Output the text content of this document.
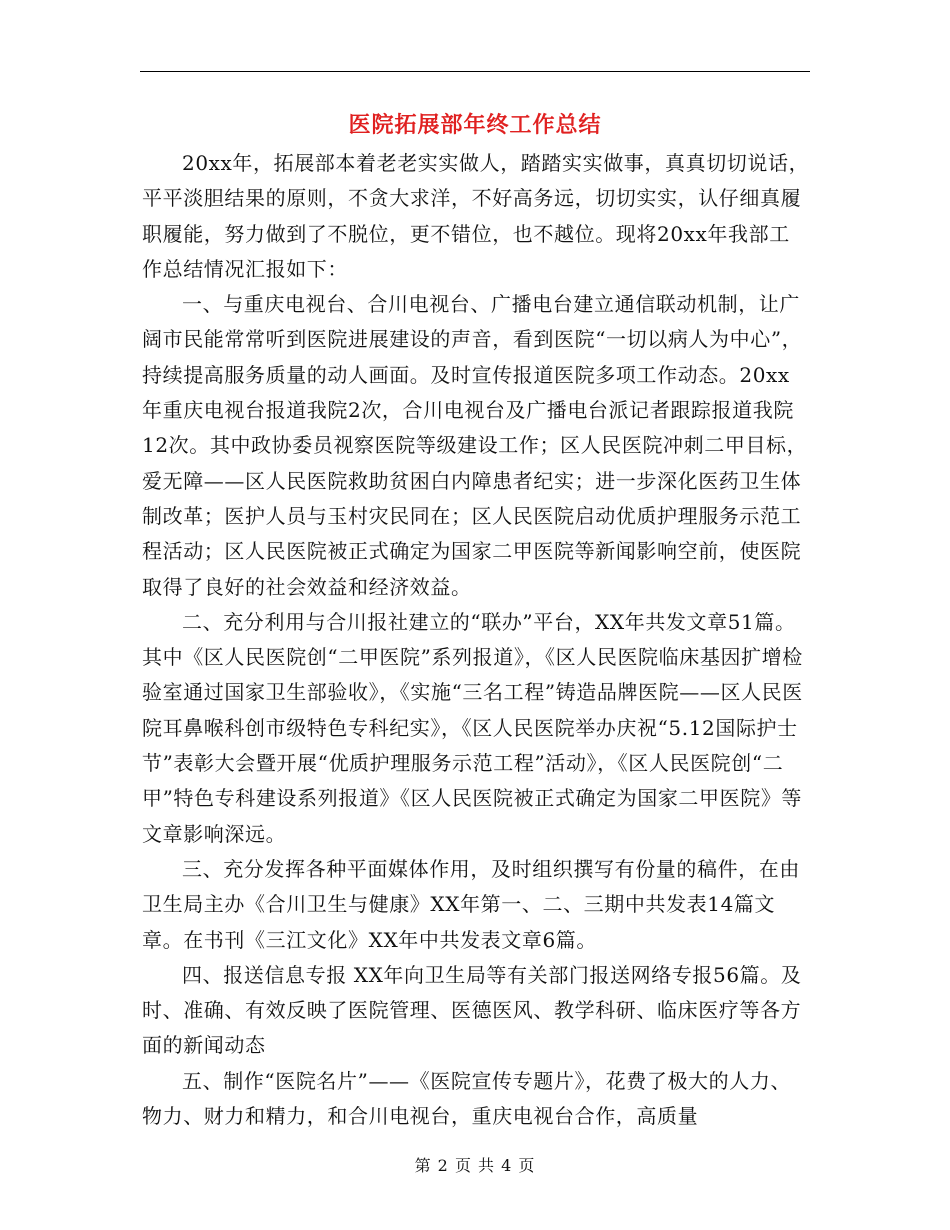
医院拓展部年终工作总结

20xx年，拓展部本着老老实实做人，踏踏实实做事，真真切切说话，平平淡胆结果的原则，不贪大求洋，不好高务远，切切实实，认仔细真履职履能，努力做到了不脱位，更不错位，也不越位。现将20xx年我部工作总结情况汇报如下：

一、与重庆电视台、合川电视台、广播电台建立通信联动机制，让广阔市民能常常听到医院进展建设的声音，看到医院“一切以病人为中心”，持续提高服务质量的动人画面。及时宣传报道医院多项工作动态。20xx年重庆电视台报道我院2次，合川电视台及广播电台派记者跟踪报道我院12次。其中政协委员视察医院等级建设工作；区人民医院冲刺二甲目标，爱无障——区人民医院救助贫困白内障患者纪实；进一步深化医药卫生体制改革；医护人员与玉村灾民同在；区人民医院启动优质护理服务示范工程活动；区人民医院被正式确定为国家二甲医院等新闻影响空前，使医院取得了良好的社会效益和经济效益。

二、充分利用与合川报社建立的“联办”平台，XX年共发文章51篇。其中《区人民医院创“二甲医院”系列报道》，《区人民医院临床基因扩增检验室通过国家卫生部验收》，《实施“三名工程”铸造品牌医院——区人民医院耳鼻喉科创市级特色专科纪实》，《区人民医院举办庆祝“5.12国际护士节”表彰大会暨开展“优质护理服务示范工程”活动》，《区人民医院创“二甲”特色专科建设系列报道》《区人民医院被正式确定为国家二甲医院》等文章影响深远。

三、充分发挥各种平面媒体作用，及时组织撰写有份量的稿件，在由卫生局主办《合川卫生与健康》XX年第一、二、三期中共发表14篇文章。在书刊《三江文化》XX年中共发表文章6篇。

四、报送信息专报 XX年向卫生局等有关部门报送网络专报56篇。及时、准确、有效反映了医院管理、医德医风、教学科研、临床医疗等各方面的新闻动态

五、制作“医院名片”——《医院宣传专题片》，花费了极大的人力、物力、财力和精力，和合川电视台，重庆电视台合作，高质量

第 2 页 共 4 页
